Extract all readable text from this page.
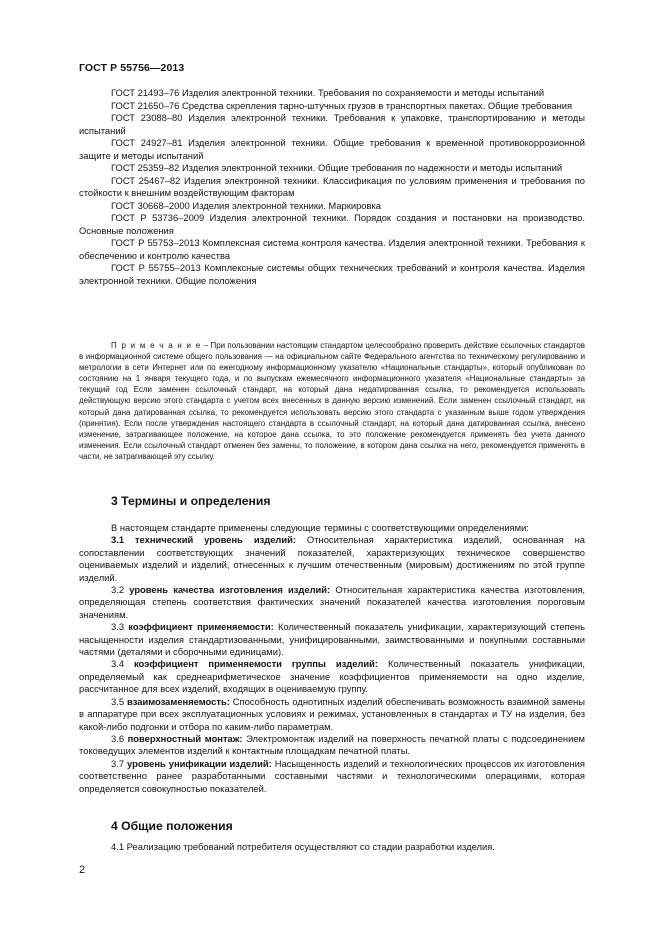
ГОСТ Р 55756—2013

ГОСТ 21493–76 Изделия электронной техники. Требования по сохраняемости и методы испытаний

ГОСТ 21650–76 Средства скрепления тарно-штучных грузов в транспортных пакетах. Общие требования

ГОСТ 23088–80 Изделия электронной техники. Требования к упаковке, транспортированию и методы испытаний

ГОСТ 24927–81 Изделия электронной техники. Общие требования к временной противокоррозионной защите и методы испытаний

ГОСТ 25359–82 Изделия электронной техники. Общие требования по надежности и методы испытаний

ГОСТ 25467–82 Изделия электронной техники. Классификация по условиям применения и требования по стойкости к внешним воздействующим факторам

ГОСТ 30668–2000 Изделия электронной техники. Маркировка

ГОСТ Р 53736–2009 Изделия электронной техники. Порядок создания и постановки на производство. Основные положения

ГОСТ Р 55753–2013 Комплексная система контроля качества. Изделия электронной техники. Требования к обеспечению и контролю качества

ГОСТ Р 55755–2013 Комплексные системы общих технических требований и контроля качества. Изделия электронной техники. Общие положения

П р и м е ч а н и е – При пользовании настоящим стандартом целесообразно проверить действие ссылочных стандартов в информационной системе общего пользования — на официальном сайте Федерального агентства по техническому регулированию и метрологии в сети Интернет или по ежегодному информационному указателю «Национальные стандарты», который опубликован по состоянию на 1 января текущего года, и по выпускам ежемесячного информационного указателя «Национальные стандарты» за текущий год Если заменен ссылочный стандарт, на который дана недатированная ссылка, то рекомендуется использовать действующую версию этого стандарта с учетом всех внесенных в данную версию изменений. Если заменен ссылочный стандарт, на который дана датированная ссылка, то рекомендуется использовать версию этого стандарта с указанным выше годом утверждения (принятия). Если после утверждения настоящего стандарта в ссылочный стандарт, на который дана датированная ссылка, внесено изменение, затрагивающее положение, на которое дана ссылка, то это положение рекомендуется применять без учета данного изменения. Если ссылочный стандарт отменен без замены, то положение, в котором дана ссылка на него, рекомендуется применять в части, не затрагивающей эту ссылку.

3 Термины и определения

В настоящем стандарте применены следующие термины с соответствующими определениями:

3.1 технический уровень изделий: Относительная характеристика изделий, основанная на сопоставлении соответствующих значений показателей, характеризующих техническое совершенство оцениваемых изделий и изделий, отнесенных к лучшим отечественным (мировым) достижениям по этой группе изделий.

3.2 уровень качества изготовления изделий: Относительная характеристика качества изготовления, определяющая степень соответствия фактических значений показателей качества изготовления пороговым значениям.

3.3 коэффициент применяемости: Количественный показатель унификации, характеризующий степень насыщенности изделия стандартизованными, унифицированными, заимствованными и покупными составными частями (деталями и сборочными единицами).

3.4 коэффициент применяемости группы изделий: Количественный показатель унификации, определяемый как среднеарифметическое значение коэффициентов применяемости на одно изделие, рассчитанное для всех изделий, входящих в оцениваемую группу.

3.5 взаимозаменяемость: Способность однотипных изделий обеспечивать возможность взаимной замены в аппаратуре при всех эксплуатационных условиях и режимах, установленных в стандартах и ТУ на изделия, без какой-либо подгонки и отбора по каким-либо параметрам.

3.6 поверхностный монтаж: Электромонтаж изделий на поверхность печатной платы с подсоединением токоведущих элементов изделий к контактным площадкам печатной платы.

3.7 уровень унификации изделий: Насыщенность изделий и технологических процессов их изготовления соответственно ранее разработанными составными частями и технологическими операциями, которая определяется совокупностью показателей.

4 Общие положения

4.1 Реализацию требований потребителя осуществляют со стадии разработки изделия.

2
